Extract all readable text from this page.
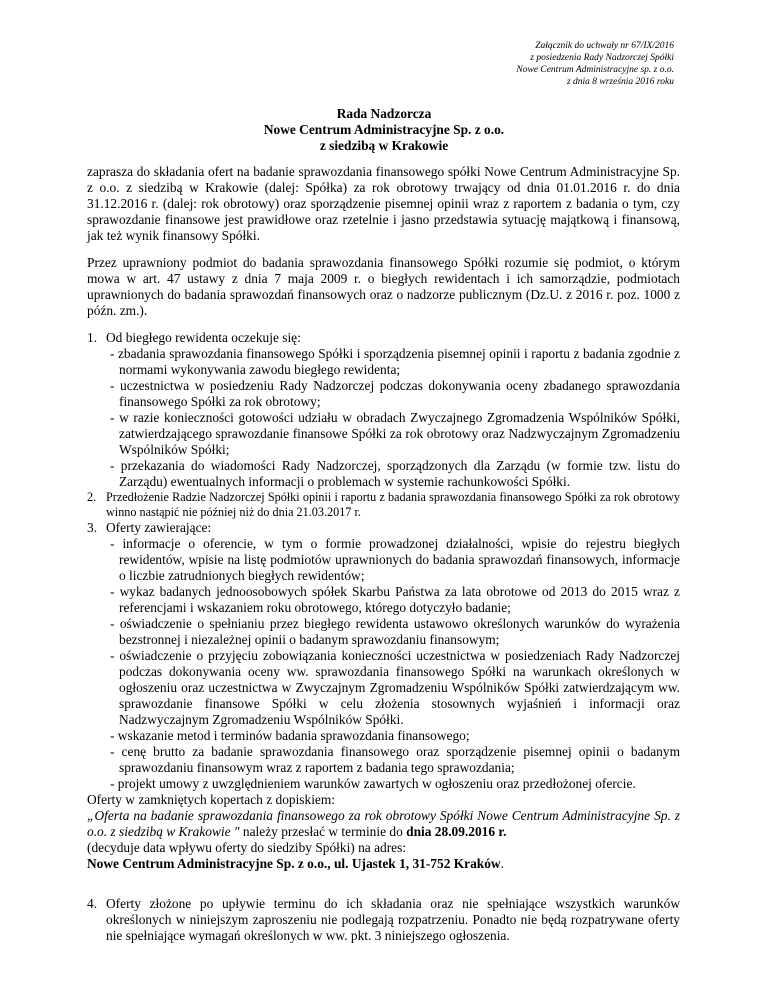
Załącznik do uchwały nr 67/IX/2016
z posiedzenia Rady Nadzorczej Spółki
Nowe Centrum Administracyjne sp. z o.o.
z dnia 8 września 2016 roku
Rada Nadzorcza
Nowe Centrum Administracyjne Sp. z o.o.
z siedzibą w Krakowie

zaprasza do składania ofert na badanie sprawozdania finansowego spółki Nowe Centrum Administracyjne Sp. z o.o. z siedzibą w Krakowie (dalej: Spółka) za rok obrotowy trwający od dnia 01.01.2016 r. do dnia 31.12.2016 r. (dalej: rok obrotowy) oraz sporządzenie pisemnej opinii wraz z raportem z badania o tym, czy sprawozdanie finansowe jest prawidłowe oraz rzetelnie i jasno przedstawia sytuację majątkową i finansową, jak też wynik finansowy Spółki.

Przez uprawniony podmiot do badania sprawozdania finansowego Spółki rozumie się podmiot, o którym mowa w art. 47 ustawy z dnia 7 maja 2009 r. o biegłych rewidentach i ich samorządzie, podmiotach uprawnionych do badania sprawozdań finansowych oraz o nadzorze publicznym (Dz.U. z 2016 r. poz. 1000 z późn. zm.).

1. Od biegłego rewidenta oczekuje się:
- zbadania sprawozdania finansowego Spółki i sporządzenia pisemnej opinii i raportu z badania zgodnie z normami wykonywania zawodu biegłego rewidenta;
- uczestnictwa w posiedzeniu Rady Nadzorczej podczas dokonywania oceny zbadanego sprawozdania finansowego Spółki za rok obrotowy;
- w razie konieczności gotowości udziału w obradach Zwyczajnego Zgromadzenia Wspólników Spółki, zatwierdzającego sprawozdanie finansowe Spółki za rok obrotowy oraz Nadzwyczajnym Zgromadzeniu Wspólników Spółki;
- przekazania do wiadomości Rady Nadzorczej, sporządzonych dla Zarządu (w formie tzw. listu do Zarządu) ewentualnych informacji o problemach w systemie rachunkowości Spółki.
2. Przedłożenie Radzie Nadzorczej Spółki opinii i raportu z badania sprawozdania finansowego Spółki za rok obrotowy winno nastąpić nie później niż do dnia 21.03.2017 r.
3. Oferty zawierające:
- informacje o oferencie, w tym o formie prowadzonej działalności, wpisie do rejestru biegłych rewidentów, wpisie na listę podmiotów uprawnionych do badania sprawozdań finansowych, informacje o liczbie zatrudnionych biegłych rewidentów;
- wykaz badanych jednoosobowych spółek Skarbu Państwa za lata obrotowe od 2013 do 2015 wraz z referencjami i wskazaniem roku obrotowego, którego dotyczyło badanie;
- oświadczenie o spełnianiu przez biegłego rewidenta ustawowo określonych warunków do wyrażenia bezstronnej i niezależnej opinii o badanym sprawozdaniu finansowym;
- oświadczenie o przyjęciu zobowiązania konieczności uczestnictwa w posiedzeniach Rady Nadzorczej podczas dokonywania oceny ww. sprawozdania finansowego Spółki na warunkach określonych w ogłoszeniu oraz uczestnictwa w Zwyczajnym Zgromadzeniu Wspólników Spółki zatwierdzającym ww. sprawozdanie finansowe Spółki w celu złożenia stosownych wyjaśnień i informacji oraz Nadzwyczajnym Zgromadzeniu Wspólników Spółki.
- wskazanie metod i terminów badania sprawozdania finansowego;
- cenę brutto za badanie sprawozdania finansowego oraz sporządzenie pisemnej opinii o badanym sprawozdaniu finansowym wraz z raportem z badania tego sprawozdania;
- projekt umowy z uwzględnieniem warunków zawartych w ogłoszeniu oraz przedłożonej ofercie.
Oferty w zamkniętych kopertach z dopiskiem:

„Oferta na badanie sprawozdania finansowego za rok obrotowy Spółki Nowe Centrum Administracyjne Sp. z o.o. z siedzibą w Krakowie " należy przesłać w terminie do dnia 28.09.2016 r.

(decyduje data wpływu oferty do siedziby Spółki) na adres:
Nowe Centrum Administracyjne Sp. z o.o., ul. Ujastek 1, 31-752 Kraków.
4. Oferty złożone po upływie terminu do ich składania oraz nie spełniające wszystkich warunków określonych w niniejszym zaproszeniu nie podlegają rozpatrzeniu. Ponadto nie będą rozpatrywane oferty nie spełniające wymagań określonych w ww. pkt. 3 niniejszego ogłoszenia.
